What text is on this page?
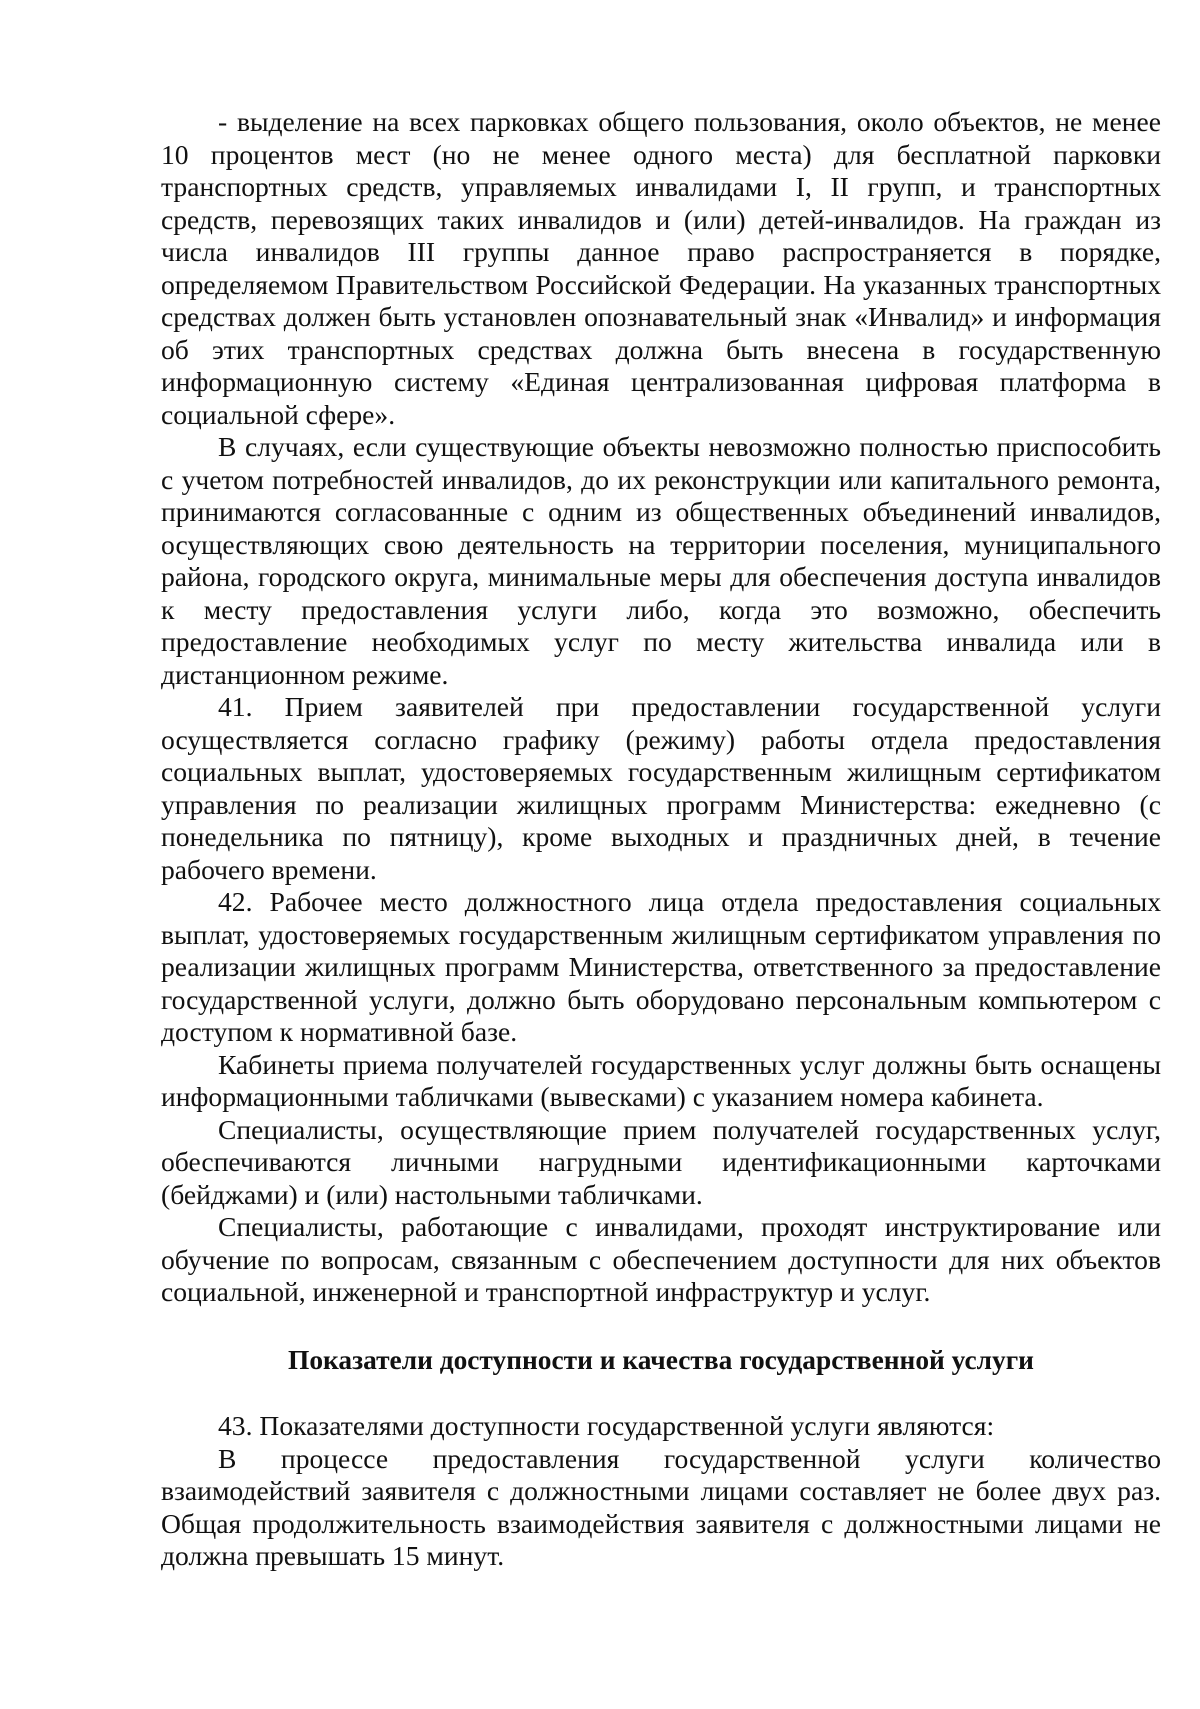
- выделение на всех парковках общего пользования, около объектов, не менее 10 процентов мест (но не менее одного места) для бесплатной парковки транспортных средств, управляемых инвалидами I, II групп, и транспортных средств, перевозящих таких инвалидов и (или) детей-инвалидов. На граждан из числа инвалидов III группы данное право распространяется в порядке, определяемом Правительством Российской Федерации. На указанных транспортных средствах должен быть установлен опознавательный знак «Инвалид» и информация об этих транспортных средствах должна быть внесена в государственную информационную систему «Единая централизованная цифровая платформа в социальной сфере».

В случаях, если существующие объекты невозможно полностью приспособить с учетом потребностей инвалидов, до их реконструкции или капитального ремонта, принимаются согласованные с одним из общественных объединений инвалидов, осуществляющих свою деятельность на территории поселения, муниципального района, городского округа, минимальные меры для обеспечения доступа инвалидов к месту предоставления услуги либо, когда это возможно, обеспечить предоставление необходимых услуг по месту жительства инвалида или в дистанционном режиме.

41. Прием заявителей при предоставлении государственной услуги осуществляется согласно графику (режиму) работы отдела предоставления социальных выплат, удостоверяемых государственным жилищным сертификатом управления по реализации жилищных программ Министерства: ежедневно (с понедельника по пятницу), кроме выходных и праздничных дней, в течение рабочего времени.

42. Рабочее место должностного лица отдела предоставления социальных выплат, удостоверяемых государственным жилищным сертификатом управления по реализации жилищных программ Министерства, ответственного за предоставление государственной услуги, должно быть оборудовано персональным компьютером с доступом к нормативной базе.

Кабинеты приема получателей государственных услуг должны быть оснащены информационными табличками (вывесками) с указанием номера кабинета.

Специалисты, осуществляющие прием получателей государственных услуг, обеспечиваются личными нагрудными идентификационными карточками (бейджами) и (или) настольными табличками.

Специалисты, работающие с инвалидами, проходят инструктирование или обучение по вопросам, связанным с обеспечением доступности для них объектов социальной, инженерной и транспортной инфраструктур и услуг.

Показатели доступности и качества государственной услуги

43. Показателями доступности государственной услуги являются:

В процессе предоставления государственной услуги количество взаимодействий заявителя с должностными лицами составляет не более двух раз. Общая продолжительность взаимодействия заявителя с должностными лицами не должна превышать 15 минут.
